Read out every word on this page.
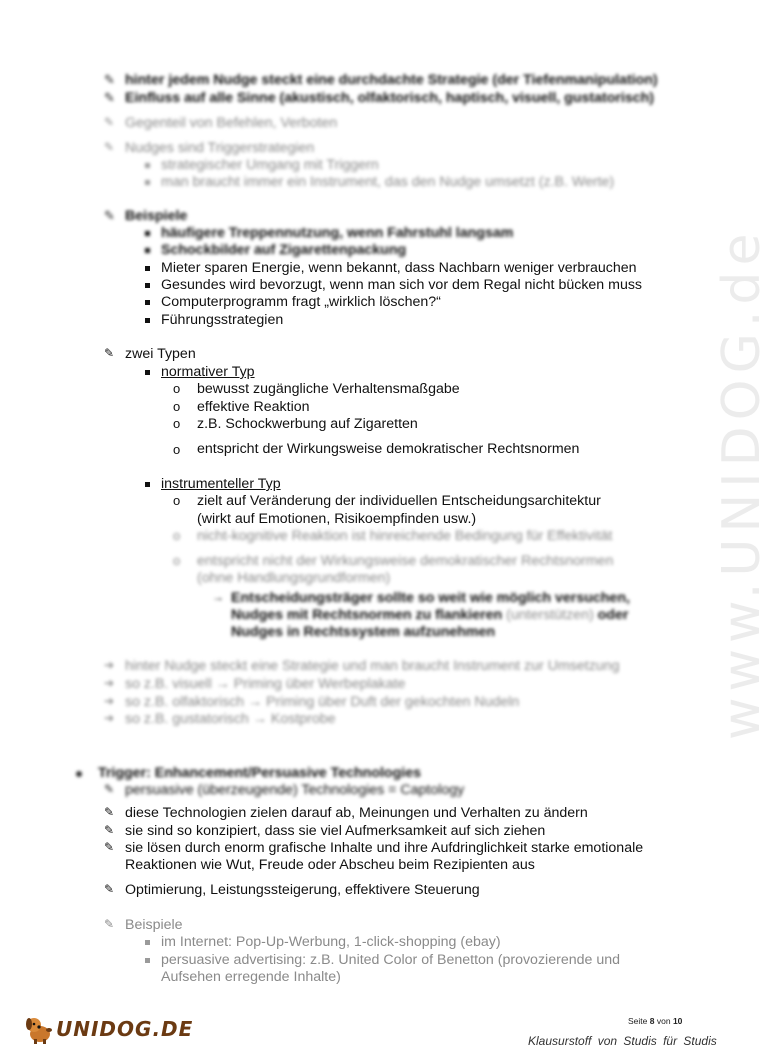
www.UNIDOG.de
✎ hinter jedem Nudge steckt eine durchdachte Strategie (der Tiefenmanipulation)
✎ Einfluss auf alle Sinne (akustisch, olfaktorisch, haptisch, visuell, gustatorisch)
✎ Gegenteil von Befehlen, Verboten
✎ Nudges sind Triggerstrategien
strategischer Umgang mit Triggern
man braucht immer ein Instrument, das den Nudge umsetzt (z.B. Werte)
✎ Beispiele
häufigere Treppennutzung, wenn Fahrstuhl langsam
Schockbilder auf Zigarettenpackung
Mieter sparen Energie, wenn bekannt, dass Nachbarn weniger verbrauchen
Gesundes wird bevorzugt, wenn man sich vor dem Regal nicht bücken muss
Computerprogramm fragt „wirklich löschen?“
Führungsstrategien
✎ zwei Typen
normativer Typ
o bewusst zugängliche Verhaltensmaßgabe
o effektive Reaktion
o z.B. Schockwerbung auf Zigaretten
o entspricht der Wirkungsweise demokratischer Rechtsnormen
instrumenteller Typ
o zielt auf Veränderung der individuellen Entscheidungsarchitektur
(wirkt auf Emotionen, Risikoempfinden usw.)
o nicht-kognitive Reaktion ist hinreichende Bedingung für Effektivität
o entspricht nicht der Wirkungsweise demokratischer Rechtsnormen
(ohne Handlungsgrundformen)
→ Entscheidungsträger sollte so weit wie möglich versuchen,
Nudges mit Rechtsnormen zu flankieren (unterstützen) oder
Nudges in Rechtssystem aufzunehmen
➔ hinter Nudge steckt eine Strategie und man braucht Instrument zur Umsetzung
➔ so z.B. visuell → Priming über Werbeplakate
➔ so z.B. olfaktorisch → Priming über Duft der gekochten Nudeln
➔ so z.B. gustatorisch → Kostprobe
Trigger: Enhancement/Persuasive Technologies
✎ persuasive (überzeugende) Technologies = Captology
✎ diese Technologien zielen darauf ab, Meinungen und Verhalten zu ändern
✎ sie sind so konzipiert, dass sie viel Aufmerksamkeit auf sich ziehen
✎ sie lösen durch enorm grafische Inhalte und ihre Aufdringlichkeit starke emotionale
Reaktionen wie Wut, Freude oder Abscheu beim Rezipienten aus
✎ Optimierung, Leistungssteigerung, effektivere Steuerung
✎ Beispiele
im Internet: Pop-Up-Werbung, 1-click-shopping (ebay)
persuasive advertising: z.B. United Color of Benetton (provozierende und
Aufsehen erregende Inhalte)
UNIDOG.DE	Seite 8 von 10
Klausurstoff von Studis für Studis
